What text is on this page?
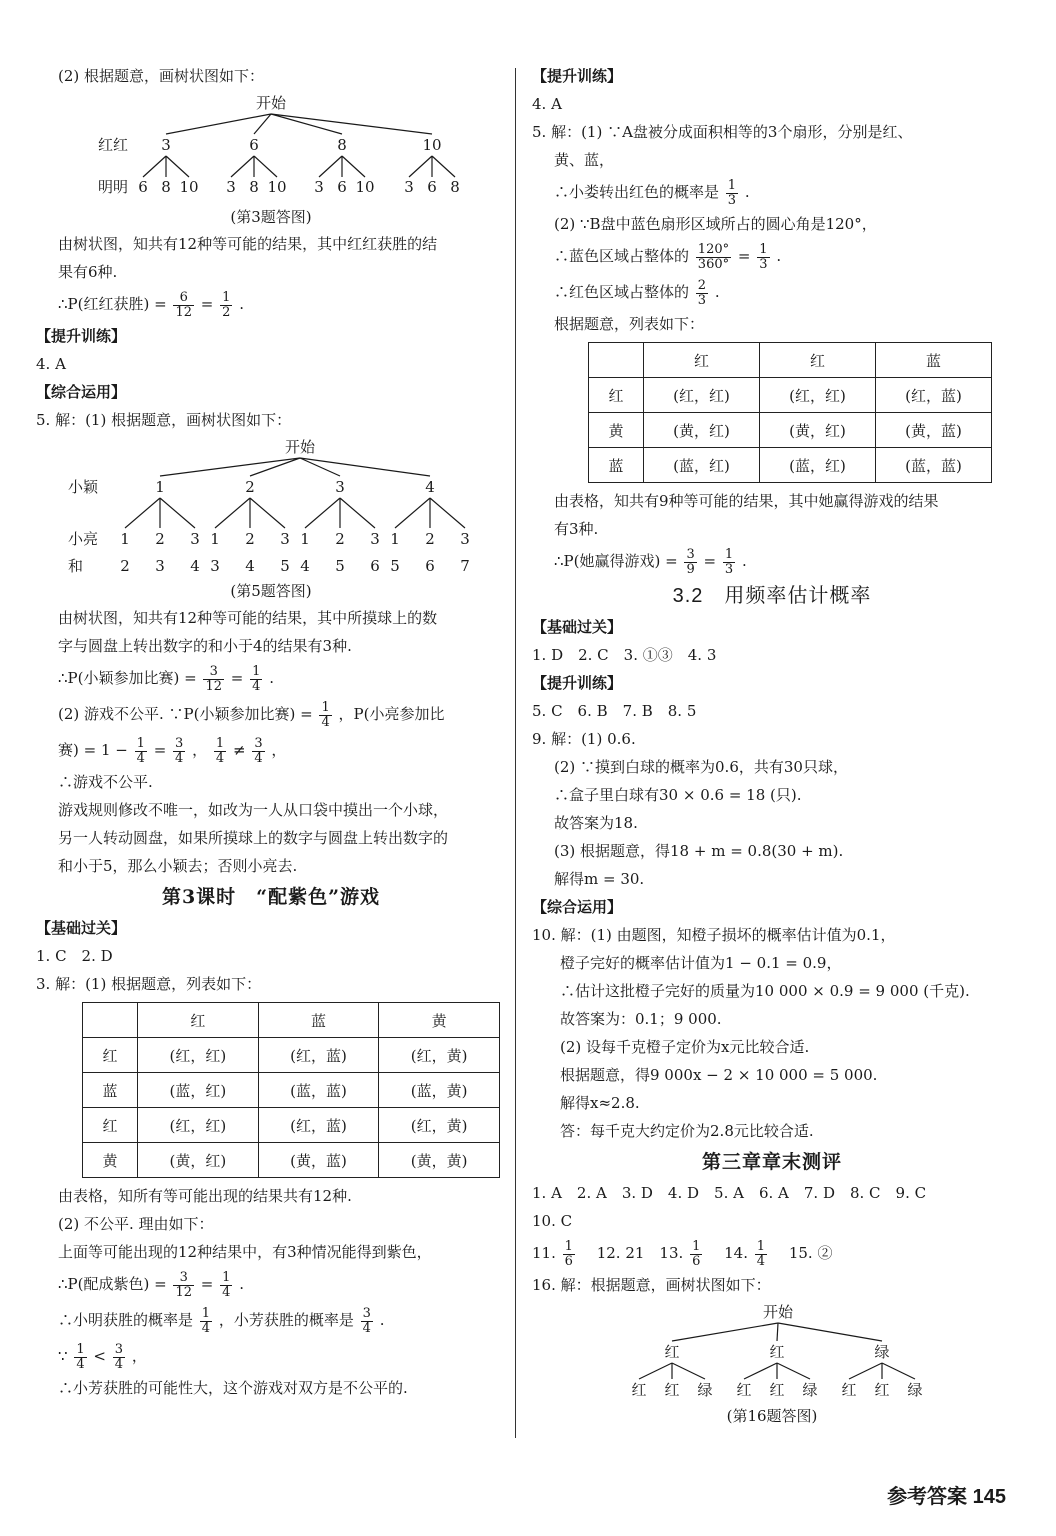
(2) 根据题意，画树状图如下：
开始
红红
明明
3
6 8 10
6
3 8 10
8
3 6 10
10
3 6 8
(第3题答图)
由树状图，知共有12种等可能的结果，其中红红获胜的结
果有6种.
∴P(红红获胜) = $\frac{6}{12} = \frac{1}{2}$ .
【提升训练】
4. A
【综合运用】
5. 解：(1) 根据题意，画树状图如下：
开始
小颖
小亮
和
1
1
2
2
3
3
4
2
1
3
2
4
3
5
3
1
4
2
5
3
6
4
1
5
2
6
3
7
(第5题答图)
由树状图，知共有12种等可能的结果，其中所摸球上的数
字与圆盘上转出数字的和小于4的结果有3种.
∴P(小颖参加比赛) = $\frac{3}{12} = \frac{1}{4}$ .
(2) 游戏不公平. ∵P(小颖参加比赛) = $\frac{1}{4}$ ，P(小亮参加比
赛) = $1 - \frac{1}{4} = \frac{3}{4}$ ， $\frac{1}{4} \ne \frac{3}{4}$ ，
∴游戏不公平.
游戏规则修改不唯一，如改为一人从口袋中摸出一个小球，
另一人转动圆盘，如果所摸球上的数字与圆盘上转出数字的
和小于5，那么小颖去；否则小亮去.
第3课时　“配紫色”游戏
【基础过关】
1. C　2. D
3. 解：(1) 根据题意，列表如下：
	红	蓝	黄
红	(红，红)	(红，蓝)	(红，黄)
蓝	(蓝，红)	(蓝，蓝)	(蓝，黄)
红	(红，红)	(红，蓝)	(红，黄)
黄	(黄，红)	(黄，蓝)	(黄，黄)
由表格，知所有等可能出现的结果共有12种.
(2) 不公平. 理由如下：
上面等可能出现的12种结果中，有3种情况能得到紫色，
∴P(配成紫色) = $\frac{3}{12} = \frac{1}{4}$ .
∴小明获胜的概率是 $\frac{1}{4}$ ，小芳获胜的概率是 $\frac{3}{4}$ .
∵ $\frac{1}{4} < \frac{3}{4}$ ，
∴小芳获胜的可能性大，这个游戏对双方是不公平的.
【提升训练】
4. A
5. 解：(1) ∵A盘被分成面积相等的3个扇形，分别是红、
黄、蓝，
∴小娄转出红色的概率是 $\frac{1}{3}$ .
(2) ∵B盘中蓝色扇形区域所占的圆心角是120°，
∴蓝色区域占整体的 $\frac{120^\circ}{360^\circ} = \frac{1}{3}$ .
∴红色区域占整体的 $\frac{2}{3}$ .
根据题意，列表如下：
	红	红	蓝
红	(红，红)	(红，红)	(红，蓝)
黄	(黄，红)	(黄，红)	(黄，蓝)
蓝	(蓝，红)	(蓝，红)	(蓝，蓝)
由表格，知共有9种等可能的结果，其中她赢得游戏的结果
有3种.
∴P(她赢得游戏) = $\frac{3}{9} = \frac{1}{3}$ .
3.2　用频率估计概率
【基础过关】
1. D　2. C　3. ①③　4. 3
【提升训练】
5. C　6. B　7. B　8. 5
9. 解：(1) 0.6.
(2) ∵摸到白球的概率为0.6，共有30只球，
∴盒子里白球有30 × 0.6 = 18 (只).
故答案为18.
(3) 根据题意，得18 + m = 0.8(30 + m).
解得m = 30.
【综合运用】
10. 解：(1) 由题图，知橙子损坏的概率估计值为0.1，
橙子完好的概率估计值为1 − 0.1 = 0.9，
∴估计这批橙子完好的质量为10 000 × 0.9 = 9 000 (千克).
故答案为：0.1；9 000.
(2) 设每千克橙子定价为x元比较合适.
根据题意，得9 000x − 2 × 10 000 = 5 000.
解得x≈2.8.
答：每千克大约定价为2.8元比较合适.
第三章章末测评
1. A　2. A　3. D　4. D　5. A　6. A　7. D　8. C　9. C
10. C
11. $\frac{1}{6}$ 　12. 21　13. $\frac{1}{6}$ 　14. $\frac{1}{4}$ 　15. ②
16. 解：根据题意，画树状图如下：
开始
红
红 红 绿
红
红 红 绿
绿
红 红 绿
(第16题答图)
参考答案 145
